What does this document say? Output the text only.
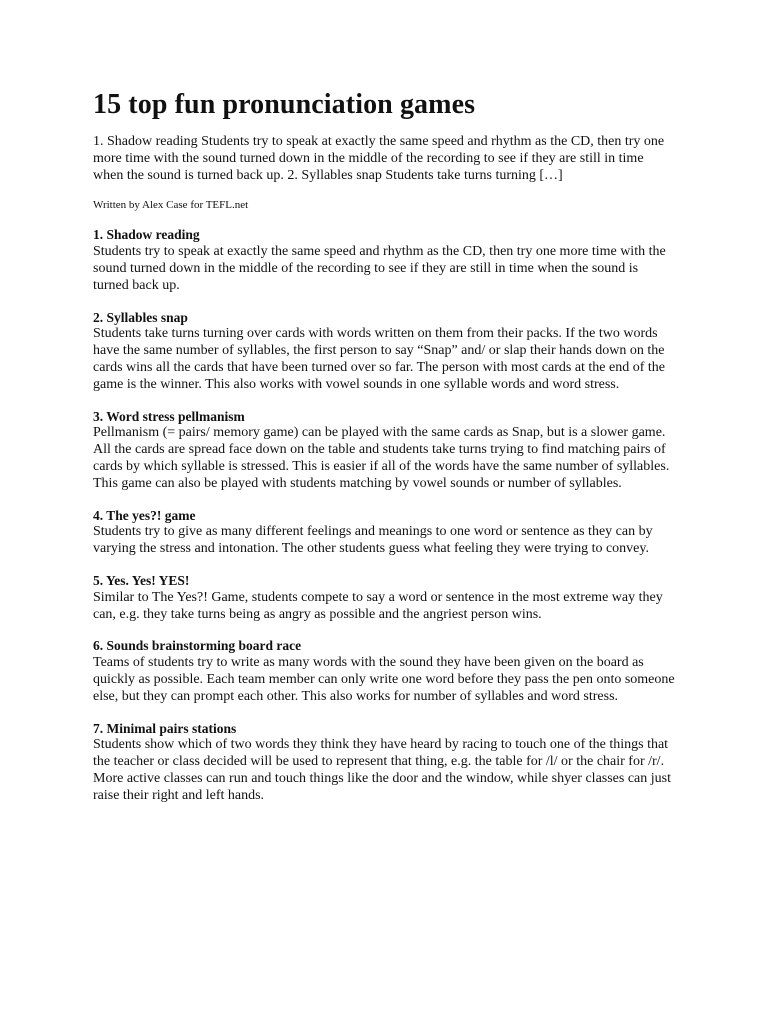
15 top fun pronunciation games

1. Shadow reading Students try to speak at exactly the same speed and rhythm as the CD, then try one more time with the sound turned down in the middle of the recording to see if they are still in time when the sound is turned back up. 2. Syllables snap Students take turns turning […]

Written by Alex Case for TEFL.net

1. Shadow reading

Students try to speak at exactly the same speed and rhythm as the CD, then try one more time with the sound turned down in the middle of the recording to see if they are still in time when the sound is turned back up.

2. Syllables snap

Students take turns turning over cards with words written on them from their packs. If the two words have the same number of syllables, the first person to say “Snap” and/ or slap their hands down on the cards wins all the cards that have been turned over so far. The person with most cards at the end of the game is the winner. This also works with vowel sounds in one syllable words and word stress.

3. Word stress pellmanism

Pellmanism (= pairs/ memory game) can be played with the same cards as Snap, but is a slower game. All the cards are spread face down on the table and students take turns trying to find matching pairs of cards by which syllable is stressed. This is easier if all of the words have the same number of syllables. This game can also be played with students matching by vowel sounds or number of syllables.

4. The yes?! game

Students try to give as many different feelings and meanings to one word or sentence as they can by varying the stress and intonation. The other students guess what feeling they were trying to convey.

5. Yes. Yes! YES!

Similar to The Yes?! Game, students compete to say a word or sentence in the most extreme way they can, e.g. they take turns being as angry as possible and the angriest person wins.

6. Sounds brainstorming board race

Teams of students try to write as many words with the sound they have been given on the board as quickly as possible. Each team member can only write one word before they pass the pen onto someone else, but they can prompt each other. This also works for number of syllables and word stress.

7. Minimal pairs stations

Students show which of two words they think they have heard by racing to touch one of the things that the teacher or class decided will be used to represent that thing, e.g. the table for /l/ or the chair for /r/. More active classes can run and touch things like the door and the window, while shyer classes can just raise their right and left hands.
